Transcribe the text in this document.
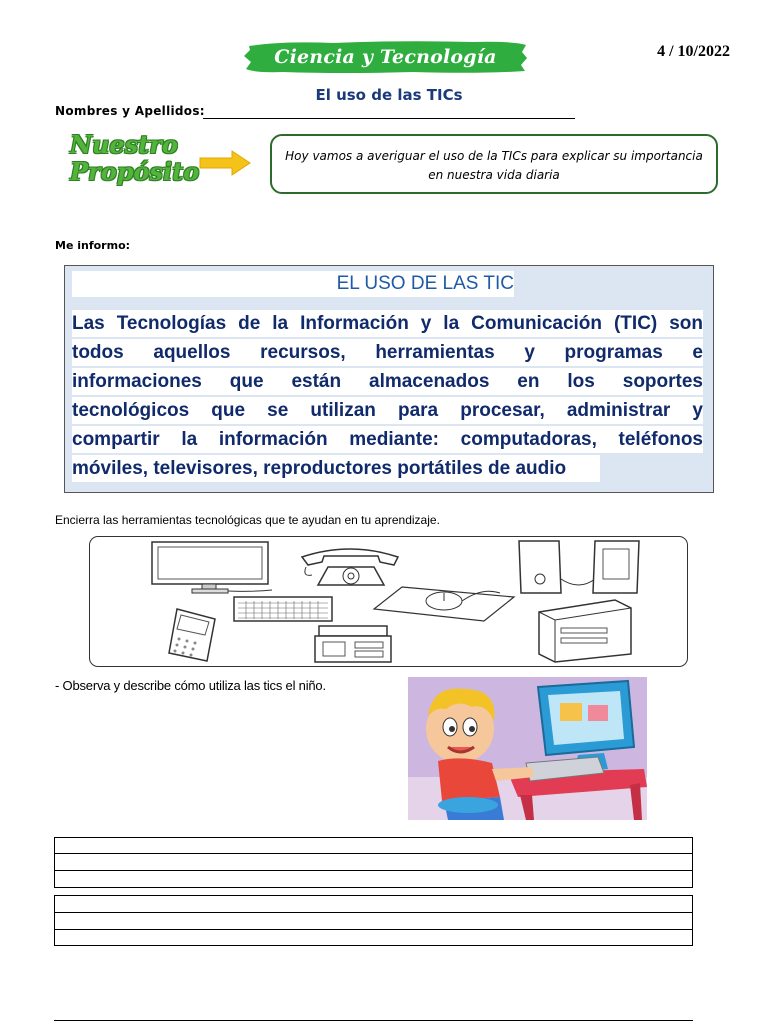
Ciencia y Tecnología	4 / 10/2022
El uso de las TICs
Nombres y Apellidos:
Nuestro
Propósito
Hoy vamos a averiguar el uso de la TICs para explicar su importancia en nuestra vida diaria
Me informo:
EL USO DE LAS TIC
Las Tecnologías de la Información y la Comunicación (TIC) son
todos aquellos recursos, herramientas y programas e
informaciones que están almacenados en los soportes
tecnológicos que se utilizan para procesar, administrar y
compartir la información mediante: computadoras, teléfonos
móviles, televisores, reproductores portátiles de audio
Encierra las herramientas tecnológicas que te ayudan en tu aprendizaje.
- Observa y describe cómo utiliza las tics el niño.
